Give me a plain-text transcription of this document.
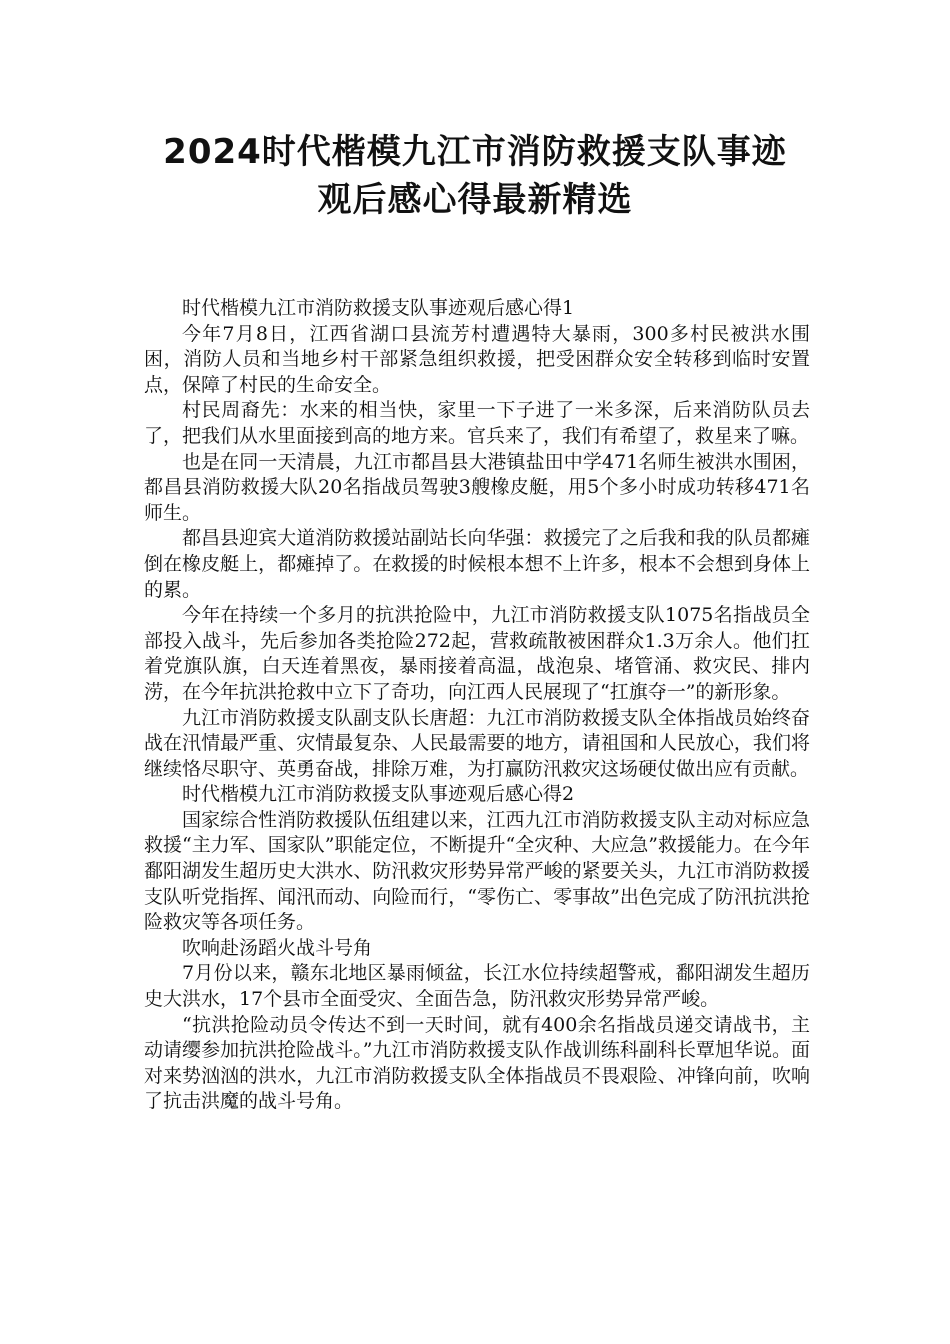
2024时代楷模九江市消防救援支队事迹
观后感心得最新精选

时代楷模九江市消防救援支队事迹观后感心得1

今年7月8日，江西省湖口县流芳村遭遇特大暴雨，300多村民被洪水围困，消防人员和当地乡村干部紧急组织救援，把受困群众安全转移到临时安置点，保障了村民的生命安全。

村民周裔先：水来的相当快，家里一下子进了一米多深，后来消防队员去了，把我们从水里面接到高的地方来。官兵来了，我们有希望了，救星来了嘛。

也是在同一天清晨，九江市都昌县大港镇盐田中学471名师生被洪水围困，都昌县消防救援大队20名指战员驾驶3艘橡皮艇，用5个多小时成功转移471名师生。

都昌县迎宾大道消防救援站副站长向华强：救援完了之后我和我的队员都瘫倒在橡皮艇上，都瘫掉了。在救援的时候根本想不上许多，根本不会想到身体上的累。

今年在持续一个多月的抗洪抢险中，九江市消防救援支队1075名指战员全部投入战斗，先后参加各类抢险272起，营救疏散被困群众1.3万余人。他们扛着党旗队旗，白天连着黑夜，暴雨接着高温，战泡泉、堵管涌、救灾民、排内涝，在今年抗洪抢救中立下了奇功，向江西人民展现了“扛旗夺一”的新形象。

九江市消防救援支队副支队长唐超：九江市消防救援支队全体指战员始终奋战在汛情最严重、灾情最复杂、人民最需要的地方，请祖国和人民放心，我们将继续恪尽职守、英勇奋战，排除万难，为打赢防汛救灾这场硬仗做出应有贡献。

时代楷模九江市消防救援支队事迹观后感心得2

国家综合性消防救援队伍组建以来，江西九江市消防救援支队主动对标应急救援“主力军、国家队”职能定位，不断提升“全灾种、大应急”救援能力。在今年鄱阳湖发生超历史大洪水、防汛救灾形势异常严峻的紧要关头，九江市消防救援支队听党指挥、闻汛而动、向险而行，“零伤亡、零事故”出色完成了防汛抗洪抢险救灾等各项任务。

吹响赴汤蹈火战斗号角

7月份以来，赣东北地区暴雨倾盆，长江水位持续超警戒，鄱阳湖发生超历史大洪水，17个县市全面受灾、全面告急，防汛救灾形势异常严峻。

“抗洪抢险动员令传达不到一天时间，就有400余名指战员递交请战书，主动请缨参加抗洪抢险战斗。”九江市消防救援支队作战训练科副科长覃旭华说。面对来势汹汹的洪水，九江市消防救援支队全体指战员不畏艰险、冲锋向前，吹响了抗击洪魔的战斗号角。
